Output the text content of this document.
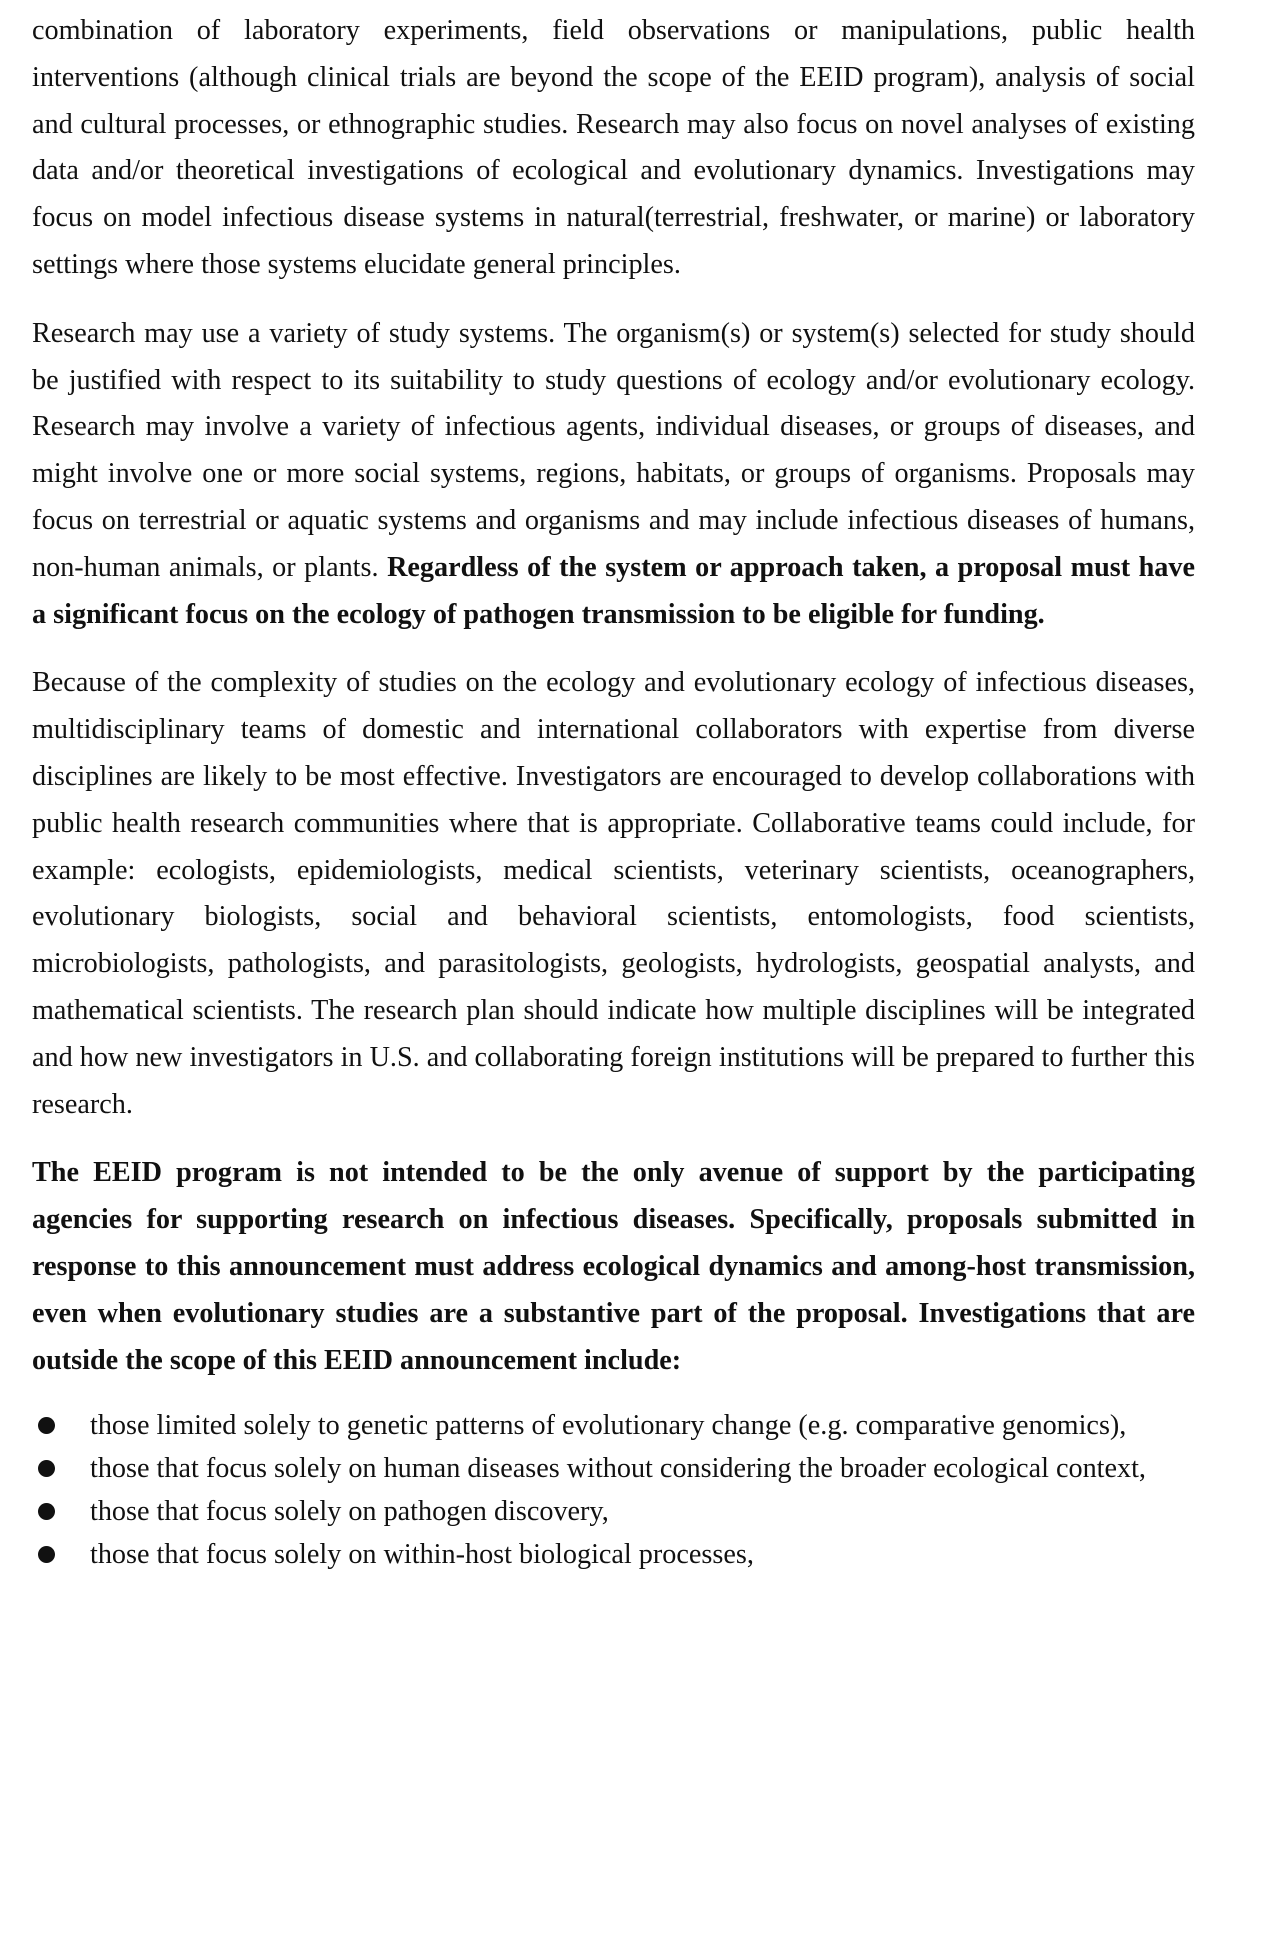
combination of laboratory experiments, field observations or manipulations, public health interventions (although clinical trials are beyond the scope of the EEID program), analysis of social and cultural processes, or ethnographic studies. Research may also focus on novel analyses of existing data and/or theoretical investigations of ecological and evolutionary dynamics. Investigations may focus on model infectious disease systems in natural(terrestrial, freshwater, or marine) or laboratory settings where those systems elucidate general principles.

Research may use a variety of study systems. The organism(s) or system(s) selected for study should be justified with respect to its suitability to study questions of ecology and/or evolutionary ecology. Research may involve a variety of infectious agents, individual diseases, or groups of diseases, and might involve one or more social systems, regions, habitats, or groups of organisms. Proposals may focus on terrestrial or aquatic systems and organisms and may include infectious diseases of humans, non-human animals, or plants. Regardless of the system or approach taken, a proposal must have a significant focus on the ecology of pathogen transmission to be eligible for funding.

Because of the complexity of studies on the ecology and evolutionary ecology of infectious diseases, multidisciplinary teams of domestic and international collaborators with expertise from diverse disciplines are likely to be most effective. Investigators are encouraged to develop collaborations with public health research communities where that is appropriate. Collaborative teams could include, for example: ecologists, epidemiologists, medical scientists, veterinary scientists, oceanographers, evolutionary biologists, social and behavioral scientists, entomologists, food scientists, microbiologists, pathologists, and parasitologists, geologists, hydrologists, geospatial analysts, and mathematical scientists. The research plan should indicate how multiple disciplines will be integrated and how new investigators in U.S. and collaborating foreign institutions will be prepared to further this research.

The EEID program is not intended to be the only avenue of support by the participating agencies for supporting research on infectious diseases. Specifically, proposals submitted in response to this announcement must address ecological dynamics and among-host transmission, even when evolutionary studies are a substantive part of the proposal. Investigations that are outside the scope of this EEID announcement include:

those limited solely to genetic patterns of evolutionary change (e.g. comparative genomics),
those that focus solely on human diseases without considering the broader ecological context,
those that focus solely on pathogen discovery,
those that focus solely on within-host biological processes,
